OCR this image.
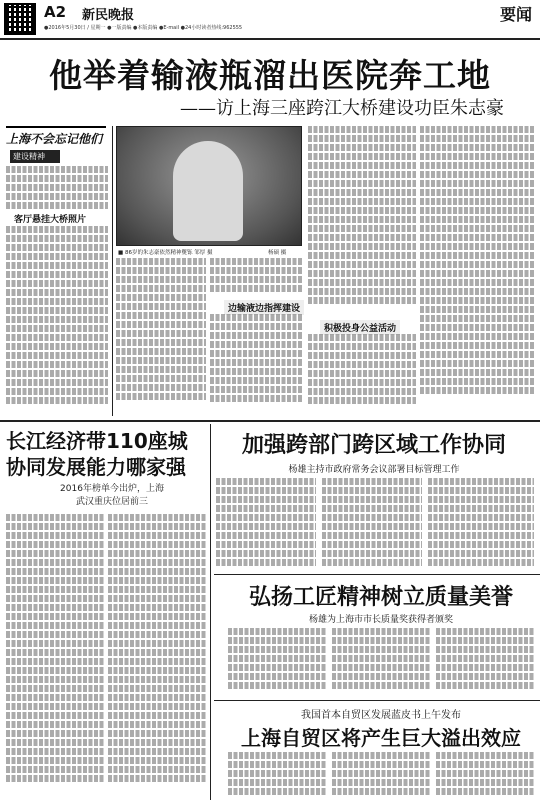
A2 新民晚报	要闻
●2016年5月30日 / 星期一 ●一版责编 ●本版责编 ●E-mail ●24小时读者热线:962555
他举着输液瓶溜出医院奔工地
——访上海三座跨江大桥建设功臣朱志豪
上海不会忘记他们
建设精神
客厅悬挂大桥照片
■ 86岁的朱志豪依然精神矍铄 邹厚 摄	杨硕 摄
边输液边指挥建设
积极投身公益活动
长江经济带110座城
协同发展能力哪家强
2016年榜单今出炉，上海
武汉重庆位居前三
加强跨部门跨区域工作协同
杨雄主持市政府常务会议部署目标管理工作
弘扬工匠精神树立质量美誉
杨雄为上海市市长质量奖获得者颁奖
我国首本自贸区发展蓝皮书上午发布
上海自贸区将产生巨大溢出效应
